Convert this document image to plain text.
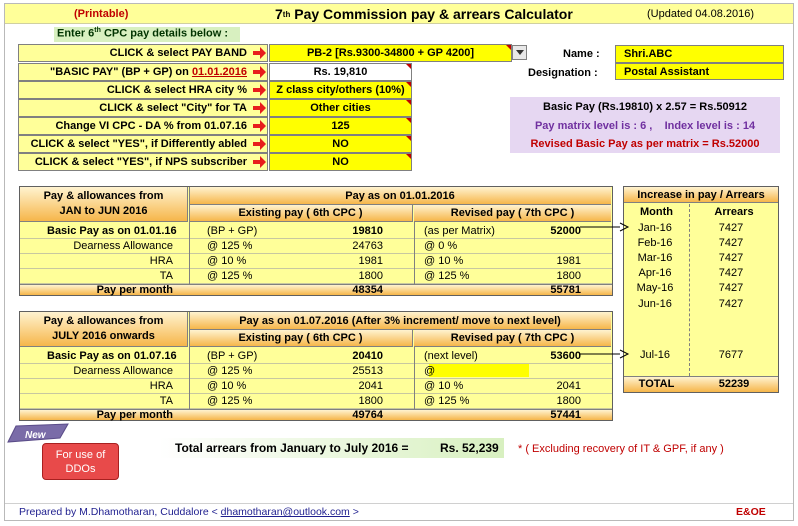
(Printable)	7 th Pay Commission pay & arrears Calculator	(Updated 04.08.2016)
Enter 6th CPC pay details below :
CLICK & select PAY BAND	PB-2 [Rs.9300-34800 + GP 4200]
"BASIC PAY" (BP + GP) on 01.01.2016	Rs. 19,810
CLICK & select HRA city %	Z class city/others (10%)
CLICK & select "City" for TA	Other cities
Change VI CPC - DA % from 01.07.16	125
CLICK & select "YES", if Differently abled	NO
CLICK & select "YES", if NPS subscriber	NO
Name :	Shri.ABC
Designation :	Postal Assistant
Basic Pay (Rs.19810) x 2.57 = Rs.50912
Pay matrix level is : 6 ,    Index level is : 14
Revised Basic Pay as per matrix = Rs.52000
Pay & allowances from JAN to JUN 2016
Pay as on 01.01.2016
Existing pay ( 6th CPC )	Revised pay ( 7th CPC )
Basic Pay as on 01.01.16	(BP + GP)	19810	(as per Matrix)	52000
Dearness Allowance	@ 125 %	24763	@ 0 %
HRA	@ 10 %	1981	@ 10 %	1981
TA	@ 125 %	1800	@ 125 %	1800
Pay per month	48354	55781
Pay & allowances from JULY 2016 onwards
Pay as on 01.07.2016 (After 3% increment/ move to next level)
Existing pay ( 6th CPC )	Revised pay ( 7th CPC )
Basic Pay as on 01.07.16	(BP + GP)	20410	(next level)	53600
Dearness Allowance	@ 125 %	25513	@
HRA	@ 10 %	2041	@ 10 %	2041
TA	@ 125 %	1800	@ 125 %	1800
Pay per month	49764	57441
Increase in pay / Arrears
Month	Arrears
Jan-16	7427
Feb-16	7427
Mar-16	7427
Apr-16	7427
May-16	7427
Jun-16	7427
Jul-16	7677
TOTAL	52239
New
For use of DDOs
Total arrears from January to July 2016 =	Rs. 52,239 * ( Excluding recovery of IT & GPF, if any )
Prepared by M.Dhamotharan, Cuddalore < dhamotharan@outlook.com >	E&OE
